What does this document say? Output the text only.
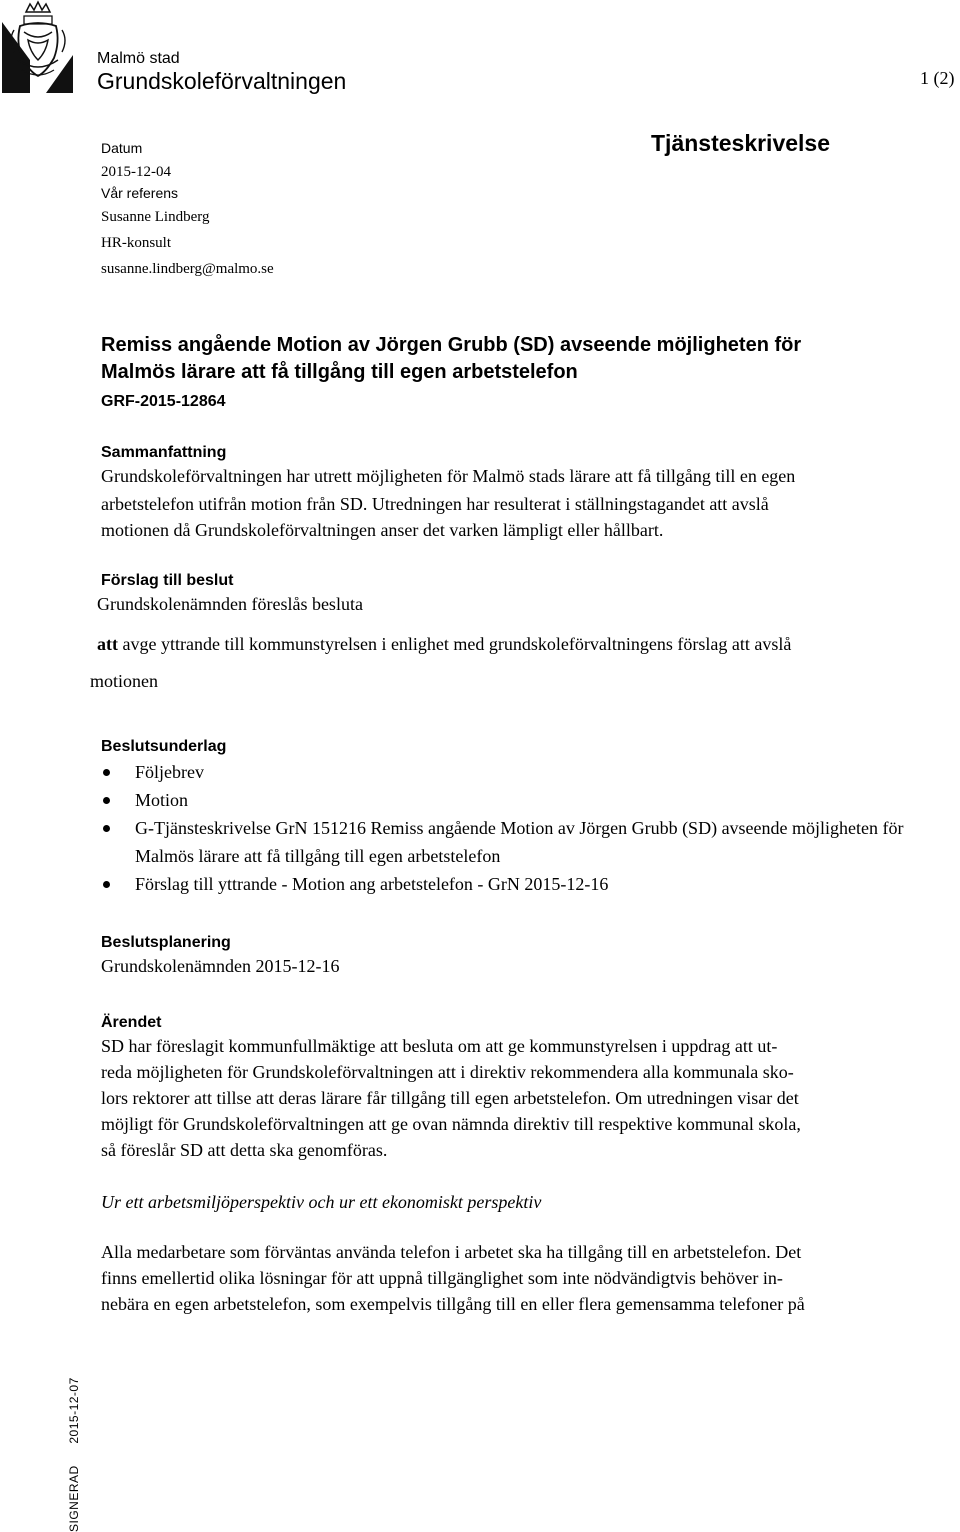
Malmö stad
Grundskoleförvaltningen	1 (2)
Datum
2015-12-04
Vår referens
Susanne Lindberg
HR-konsult
susanne.lindberg@malmo.se
Tjänsteskrivelse
Remiss angående Motion av Jörgen Grubb (SD) avseende möjligheten för
Malmös lärare att få tillgång till egen arbetstelefon
GRF-2015-12864
Sammanfattning
Grundskoleförvaltningen har utrett möjligheten för Malmö stads lärare att få tillgång till en egen
arbetstelefon utifrån motion från SD. Utredningen har resulterat i ställningstagandet att avslå
motionen då Grundskoleförvaltningen anser det varken lämpligt eller hållbart.
Förslag till beslut
Grundskolenämnden föreslås besluta
att avge yttrande till kommunstyrelsen i enlighet med grundskoleförvaltningens förslag att avslå
motionen
Beslutsunderlag
Följebrev
Motion
G-Tjänsteskrivelse GrN 151216 Remiss angående Motion av Jörgen Grubb (SD) avseende möjligheten för Malmös lärare att få tillgång till egen arbetstelefon
Förslag till yttrande - Motion ang arbetstelefon - GrN 2015-12-16
Beslutsplanering
Grundskolenämnden 2015-12-16
Ärendet
SD har föreslagit kommunfullmäktige att besluta om att ge kommunstyrelsen i uppdrag att ut-
reda möjligheten för Grundskoleförvaltningen att i direktiv rekommendera alla kommunala sko-
lors rektorer att tillse att deras lärare får tillgång till egen arbetstelefon. Om utredningen visar det
möjligt för Grundskoleförvaltningen att ge ovan nämnda direktiv till respektive kommunal skola,
så föreslår SD att detta ska genomföras.
Ur ett arbetsmiljöperspektiv och ur ett ekonomiskt perspektiv
Alla medarbetare som förväntas använda telefon i arbetet ska ha tillgång till en arbetstelefon. Det
finns emellertid olika lösningar för att uppnå tillgänglighet som inte nödvändigtvis behöver in-
nebära en egen arbetstelefon, som exempelvis tillgång till en eller flera gemensamma telefoner på
SIGNERAD  2015-12-07
